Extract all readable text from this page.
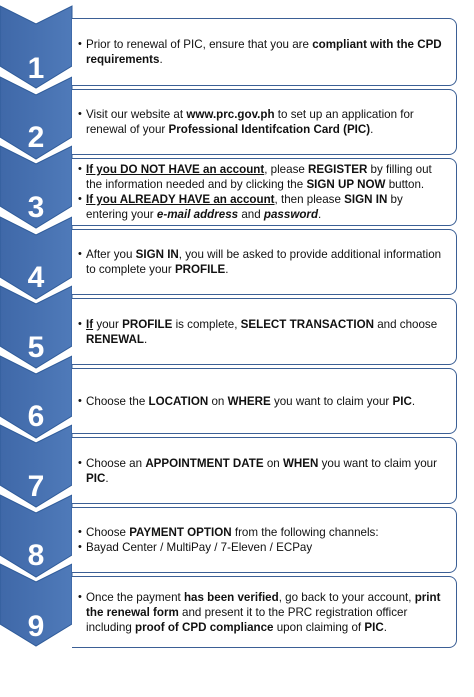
1
• Prior to renewal of PIC, ensure that you are compliant with the CPD requirements.
2
• Visit our website at www.prc.gov.ph to set up an application for renewal of your Professional Identifcation Card (PIC).
3
• If you DO NOT HAVE an account, please REGISTER by filling out the information needed and by clicking the SIGN UP NOW button.
• If you ALREADY HAVE an account, then please SIGN IN by entering your e-mail address and password.
4
• After you SIGN IN, you will be asked to provide additional information to complete your PROFILE.
5
• If your PROFILE is complete, SELECT TRANSACTION and choose RENEWAL.
6	• Choose the LOCATION on WHERE you want to claim your PIC.
7
• Choose an APPOINTMENT DATE on WHEN you want to claim your PIC.
8
• Choose PAYMENT OPTION from the following channels:
• Bayad Center / MultiPay / 7-Eleven / ECPay
9
• Once the payment has been verified, go back to your account, print the renewal form and present it to the PRC registration officer including proof of CPD compliance upon claiming of PIC.
